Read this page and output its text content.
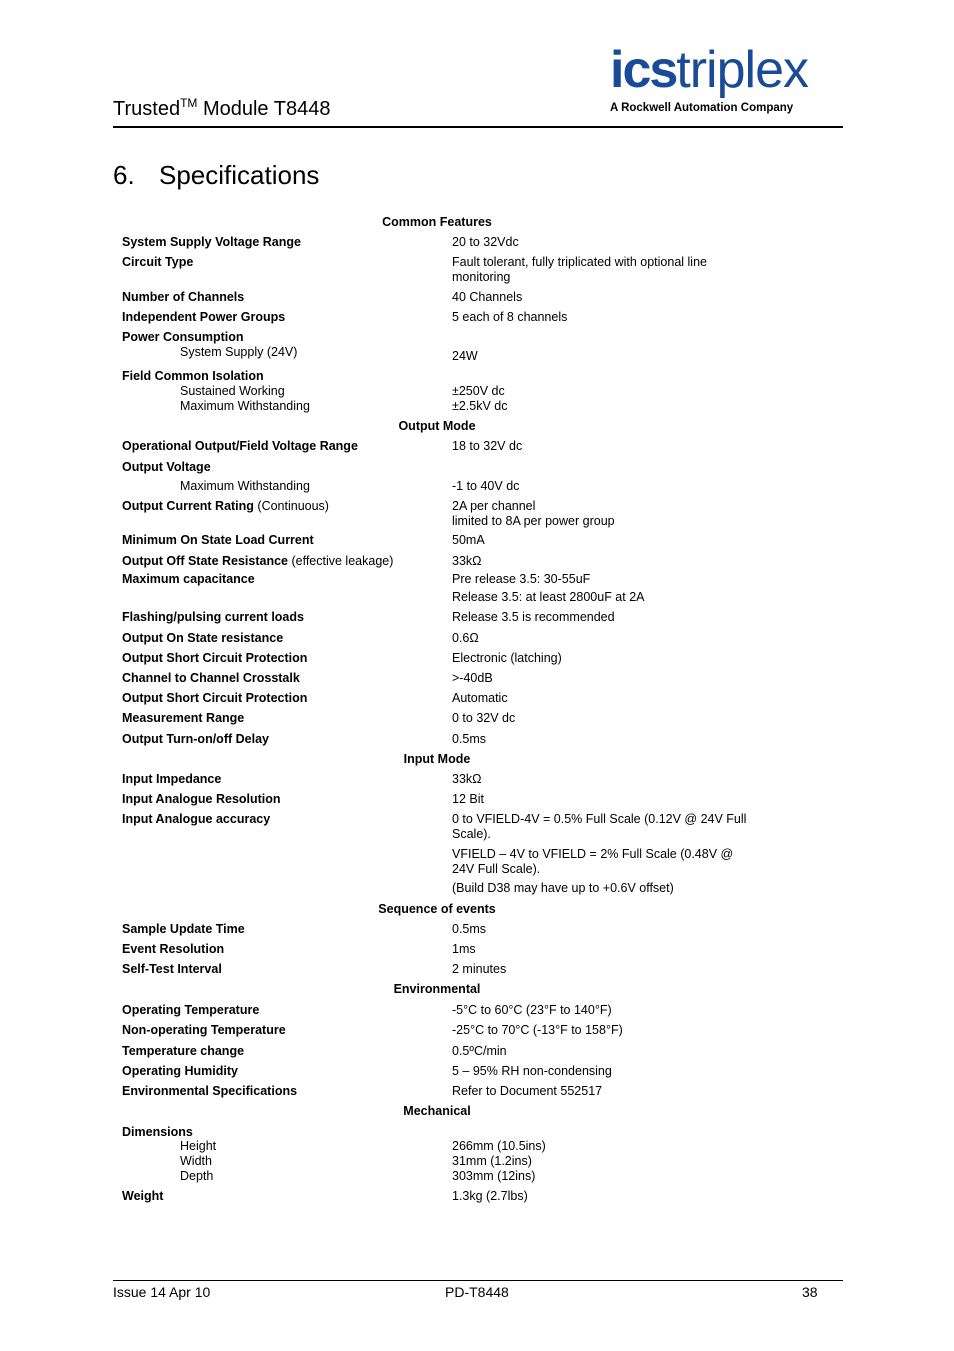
Trusted™ Module T8448
icstriplex
A Rockwell Automation Company
6. Specifications
Common Features
System Supply Voltage Range	20 to 32Vdc
Circuit Type	Fault tolerant, fully triplicated with optional line monitoring
Number of Channels	40 Channels
Independent Power Groups	5 each of 8 channels
Power Consumption
System Supply (24V)	24W
Field Common Isolation
Sustained Working	±250V dc
Maximum Withstanding	±2.5kV dc
Output Mode
Operational Output/Field Voltage Range	18 to 32V dc
Output Voltage
Maximum Withstanding	-1 to 40V dc
Output Current Rating (Continuous)	2A per channel
limited to 8A per power group
Minimum On State Load Current	50mA
Output Off State Resistance (effective leakage)	33kΩ
Maximum capacitance	Pre release 3.5: 30-55uF
Release 3.5: at least 2800uF at 2A
Flashing/pulsing current loads	Release 3.5 is recommended
Output On State resistance	0.6Ω
Output Short Circuit Protection	Electronic (latching)
Channel to Channel Crosstalk	>-40dB
Output Short Circuit Protection	Automatic
Measurement Range	0 to 32V dc
Output Turn-on/off Delay	0.5ms
Input Mode
Input Impedance	33kΩ
Input Analogue Resolution	12 Bit
Input Analogue accuracy	0 to VFIELD-4V = 0.5% Full Scale (0.12V @ 24V Full Scale).
VFIELD – 4V to VFIELD = 2% Full Scale (0.48V @ 24V Full Scale).
(Build D38 may have up to +0.6V offset)
Sequence of events
Sample Update Time	0.5ms
Event Resolution	1ms
Self-Test Interval	2 minutes
Environmental
Operating Temperature	-5°C to 60°C (23°F to 140°F)
Non-operating Temperature	-25°C to 70°C (-13°F to 158°F)
Temperature change	0.5ºC/min
Operating Humidity	5 – 95% RH non-condensing
Environmental Specifications	Refer to Document 552517
Mechanical
Dimensions
Height	266mm (10.5ins)
Width	31mm (1.2ins)
Depth	303mm (12ins)
Weight	1.3kg (2.7lbs)
Issue 14 Apr 10	PD-T8448	38
